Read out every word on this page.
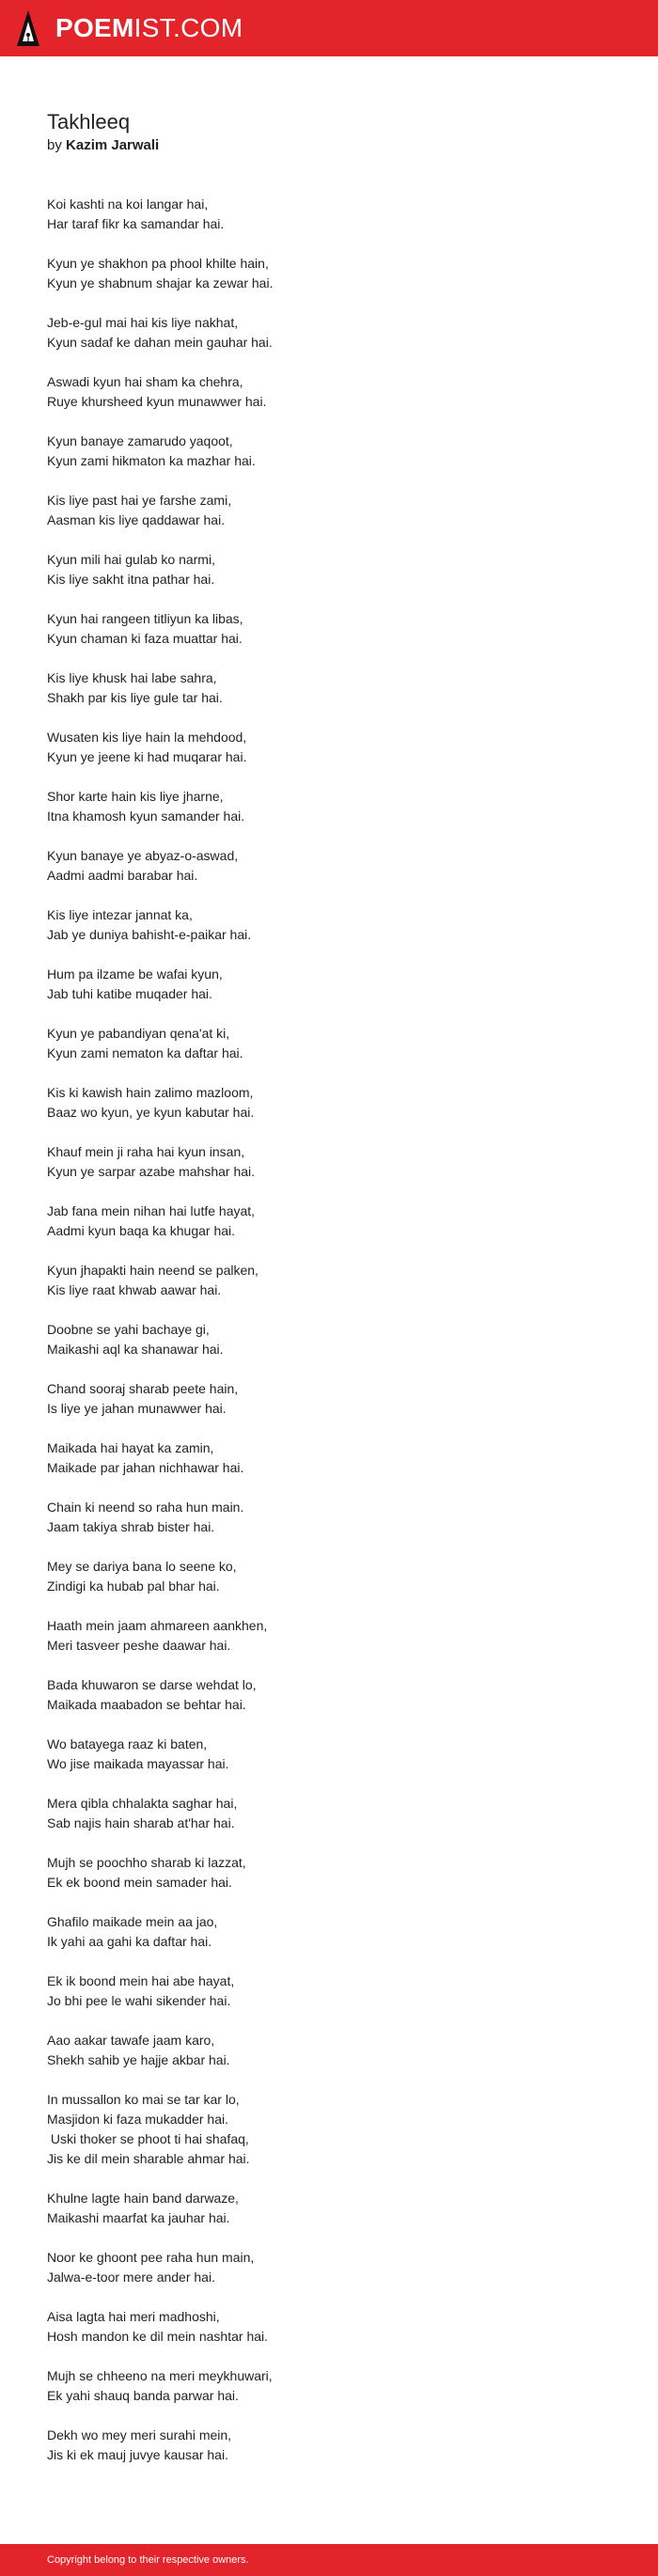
POEMIST.COM
Takhleeq
by Kazim Jarwali
Koi kashti na koi langar hai,
Har taraf fikr ka samandar hai.
Kyun ye shakhon pa phool khilte hain,
Kyun ye shabnum shajar ka zewar hai.
Jeb-e-gul mai hai kis liye nakhat,
Kyun sadaf ke dahan mein gauhar hai.
Aswadi kyun hai sham ka chehra,
Ruye khursheed kyun munawwer hai.
Kyun banaye zamarudo yaqoot,
Kyun zami hikmaton ka mazhar hai.
Kis liye past hai ye farshe zami,
Aasman kis liye qaddawar hai.
Kyun mili hai gulab ko narmi,
Kis liye sakht itna pathar hai.
Kyun hai rangeen titliyun ka libas,
Kyun chaman ki faza muattar hai.
Kis liye khusk hai labe sahra,
Shakh par kis liye gule tar hai.
Wusaten kis liye hain la mehdood,
Kyun ye jeene ki had muqarar hai.
Shor karte hain kis liye jharne,
Itna khamosh kyun samander hai.
Kyun banaye ye abyaz-o-aswad,
Aadmi aadmi barabar hai.
Kis liye intezar jannat ka,
Jab ye duniya bahisht-e-paikar hai.
Hum pa ilzame be wafai kyun,
Jab tuhi katibe muqader hai.
Kyun ye pabandiyan qena'at ki,
Kyun zami nematon ka daftar hai.
Kis ki kawish hain zalimo mazloom,
Baaz wo kyun, ye kyun kabutar hai.
Khauf mein ji raha hai kyun insan,
Kyun ye sarpar azabe mahshar hai.
Jab fana mein nihan hai lutfe hayat,
Aadmi kyun baqa ka khugar hai.
Kyun jhapakti hain neend se palken,
Kis liye raat khwab aawar hai.
Doobne se yahi bachaye gi,
Maikashi aql ka shanawar hai.
Chand sooraj sharab peete hain,
Is liye ye jahan munawwer hai.
Maikada hai hayat ka zamin,
Maikade par jahan nichhawar hai.
Chain ki neend so raha hun main.
Jaam takiya shrab bister hai.
Mey se dariya bana lo seene ko,
Zindigi ka hubab pal bhar hai.
Haath mein jaam ahmareen aankhen,
Meri tasveer peshe daawar hai.
Bada khuwaron se darse wehdat lo,
Maikada maabadon se behtar hai.
Wo batayega raaz ki baten,
Wo jise maikada mayassar hai.
Mera qibla chhalakta saghar hai,
Sab najis hain sharab at'har hai.
Mujh se poochho sharab ki lazzat,
Ek ek boond mein samader hai.
Ghafilo maikade mein aa jao,
Ik yahi aa gahi ka daftar hai.
Ek ik boond mein hai abe hayat,
Jo bhi pee le wahi sikender hai.
Aao aakar tawafe jaam karo,
Shekh sahib ye hajje akbar hai.
In mussallon ko mai se tar kar lo,
Masjidon ki faza mukadder hai.
Uski thoker se phoot ti hai shafaq,
Jis ke dil mein sharable ahmar hai.
Khulne lagte hain band darwaze,
Maikashi maarfat ka jauhar hai.
Noor ke ghoont pee raha hun main,
Jalwa-e-toor mere ander hai.
Aisa lagta hai meri madhoshi,
Hosh mandon ke dil mein nashtar hai.
Mujh se chheeno na meri meykhuwari,
Ek yahi shauq banda parwar hai.
Dekh wo mey meri surahi mein,
Jis ki ek mauj juvye kausar hai.
Copyright belong to their respective owners.
